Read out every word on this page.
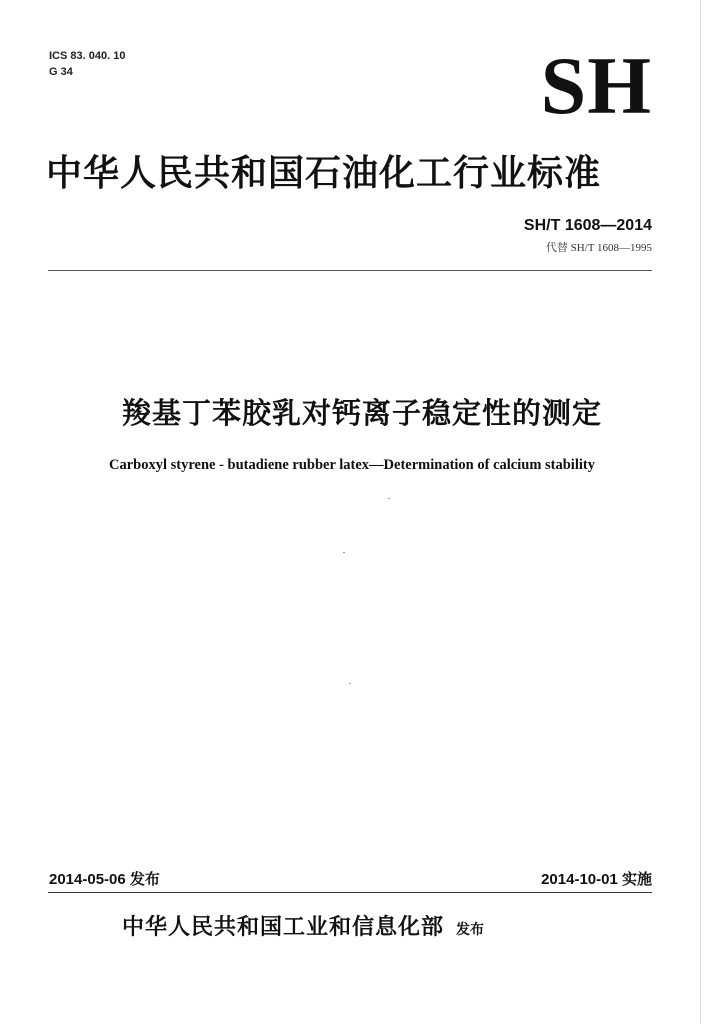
ICS 83. 040. 10
G 34	SH
中华人民共和国石油化工行业标准
SH/T 1608—2014
代替 SH/T 1608—1995
羧基丁苯胶乳对钙离子稳定性的测定
Carboxyl styrene - butadiene rubber latex—Determination of calcium stability
2014-05-06 发布	2014-10-01 实施
中华人民共和国工业和信息化部 发布
